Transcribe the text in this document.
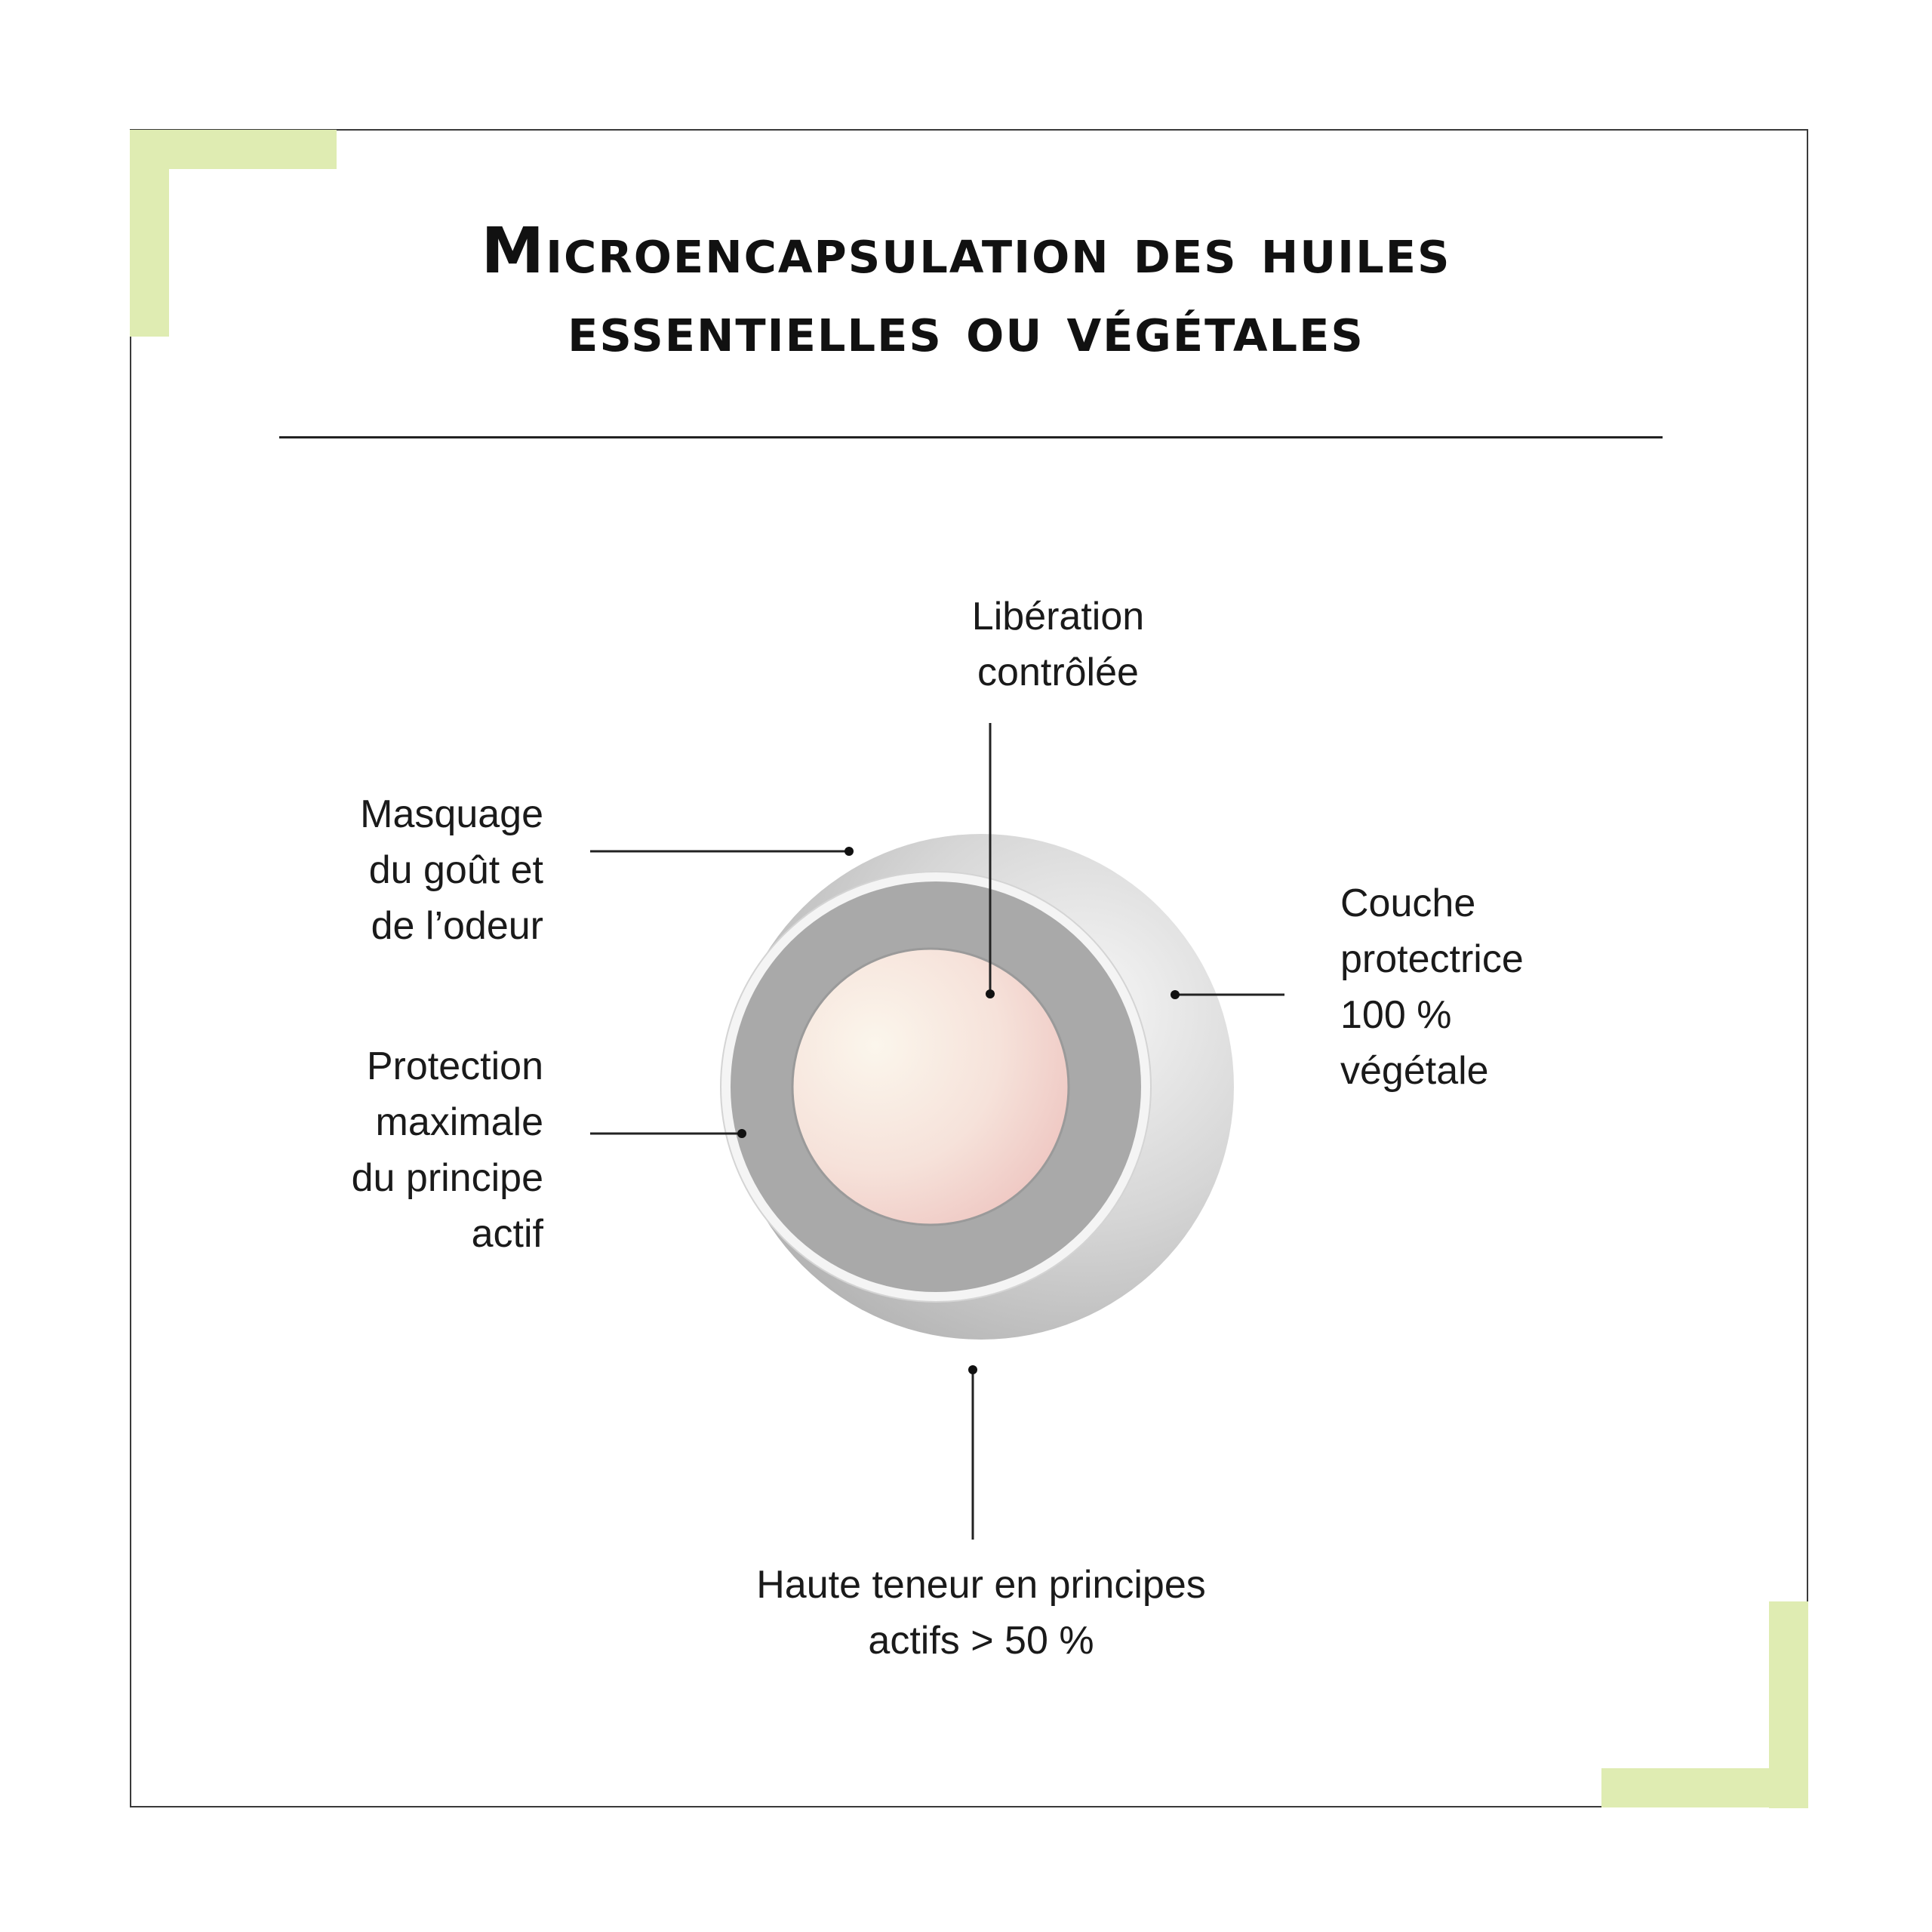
Microencapsulation des huiles
essentielles ou végétales
Libération
contrôlée
Masquage
du goût et
de l’odeur
Protection
maximale
du principe
actif
Couche
protectrice
100 %
végétale
Haute teneur en principes
actifs > 50 %
